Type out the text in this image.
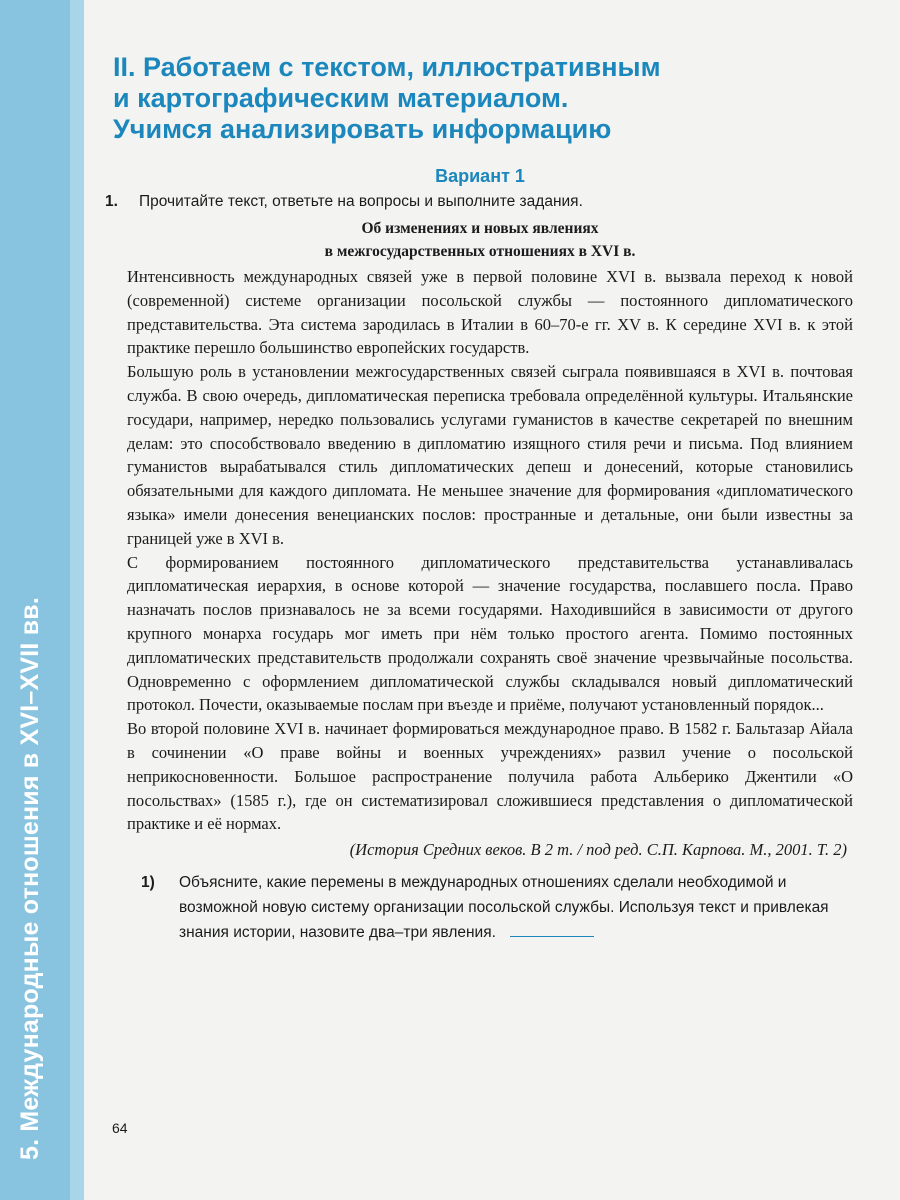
5. Международные отношения в XVI–XVII вв.
II. Работаем с текстом, иллюстративным
и картографическим материалом.
Учимся анализировать информацию
Вариант 1
1.	Прочитайте текст, ответьте на вопросы и выполните задания.
Об изменениях и новых явлениях
в межгосударственных отношениях в XVI в.

Интенсивность международных связей уже в первой половине XVI в. вызвала переход к новой (современной) системе организации посольской службы — постоянного дипломатического представительства. Эта система зародилась в Италии в 60–70-е гг. XV в. К середине XVI в. к этой практике перешло большинство европейских государств.

Большую роль в установлении межгосударственных связей сыграла появившаяся в XVI в. почтовая служба. В свою очередь, дипломатическая переписка требовала определённой культуры. Итальянские государи, например, нередко пользовались услугами гуманистов в качестве секретарей по внешним делам: это способствовало введению в дипломатию изящного стиля речи и письма. Под влиянием гуманистов вырабатывался стиль дипломатических депеш и донесений, которые становились обязательными для каждого дипломата. Не меньшее значение для формирования «дипломатического языка» имели донесения венецианских послов: пространные и детальные, они были известны за границей уже в XVI в.

С формированием постоянного дипломатического представительства устанавливалась дипломатическая иерархия, в основе которой — значение государства, пославшего посла. Право назначать послов признавалось не за всеми государями. Находившийся в зависимости от другого крупного монарха государь мог иметь при нём только простого агента. Помимо постоянных дипломатических представительств продолжали сохранять своё значение чрезвычайные посольства. Одновременно с оформлением дипломатической службы складывался новый дипломатический протокол. Почести, оказываемые послам при въезде и приёме, получают установленный порядок...

Во второй половине XVI в. начинает формироваться международное право. В 1582 г. Бальтазар Айала в сочинении «О праве войны и военных учреждениях» развил учение о посольской неприкосновенности. Большое распространение получила работа Альберико Джентили «О посольствах» (1585 г.), где он систематизировал сложившиеся представления о дипломатической практике и её нормах.

(История Средних веков. В 2 т. / под ред. С.П. Карпова. М., 2001. Т. 2)
1)	Объясните, какие перемены в международных отношениях сделали необходимой и возможной новую систему организации посольской службы. Используя текст и привлекая знания истории, назовите два–три явления.
64
